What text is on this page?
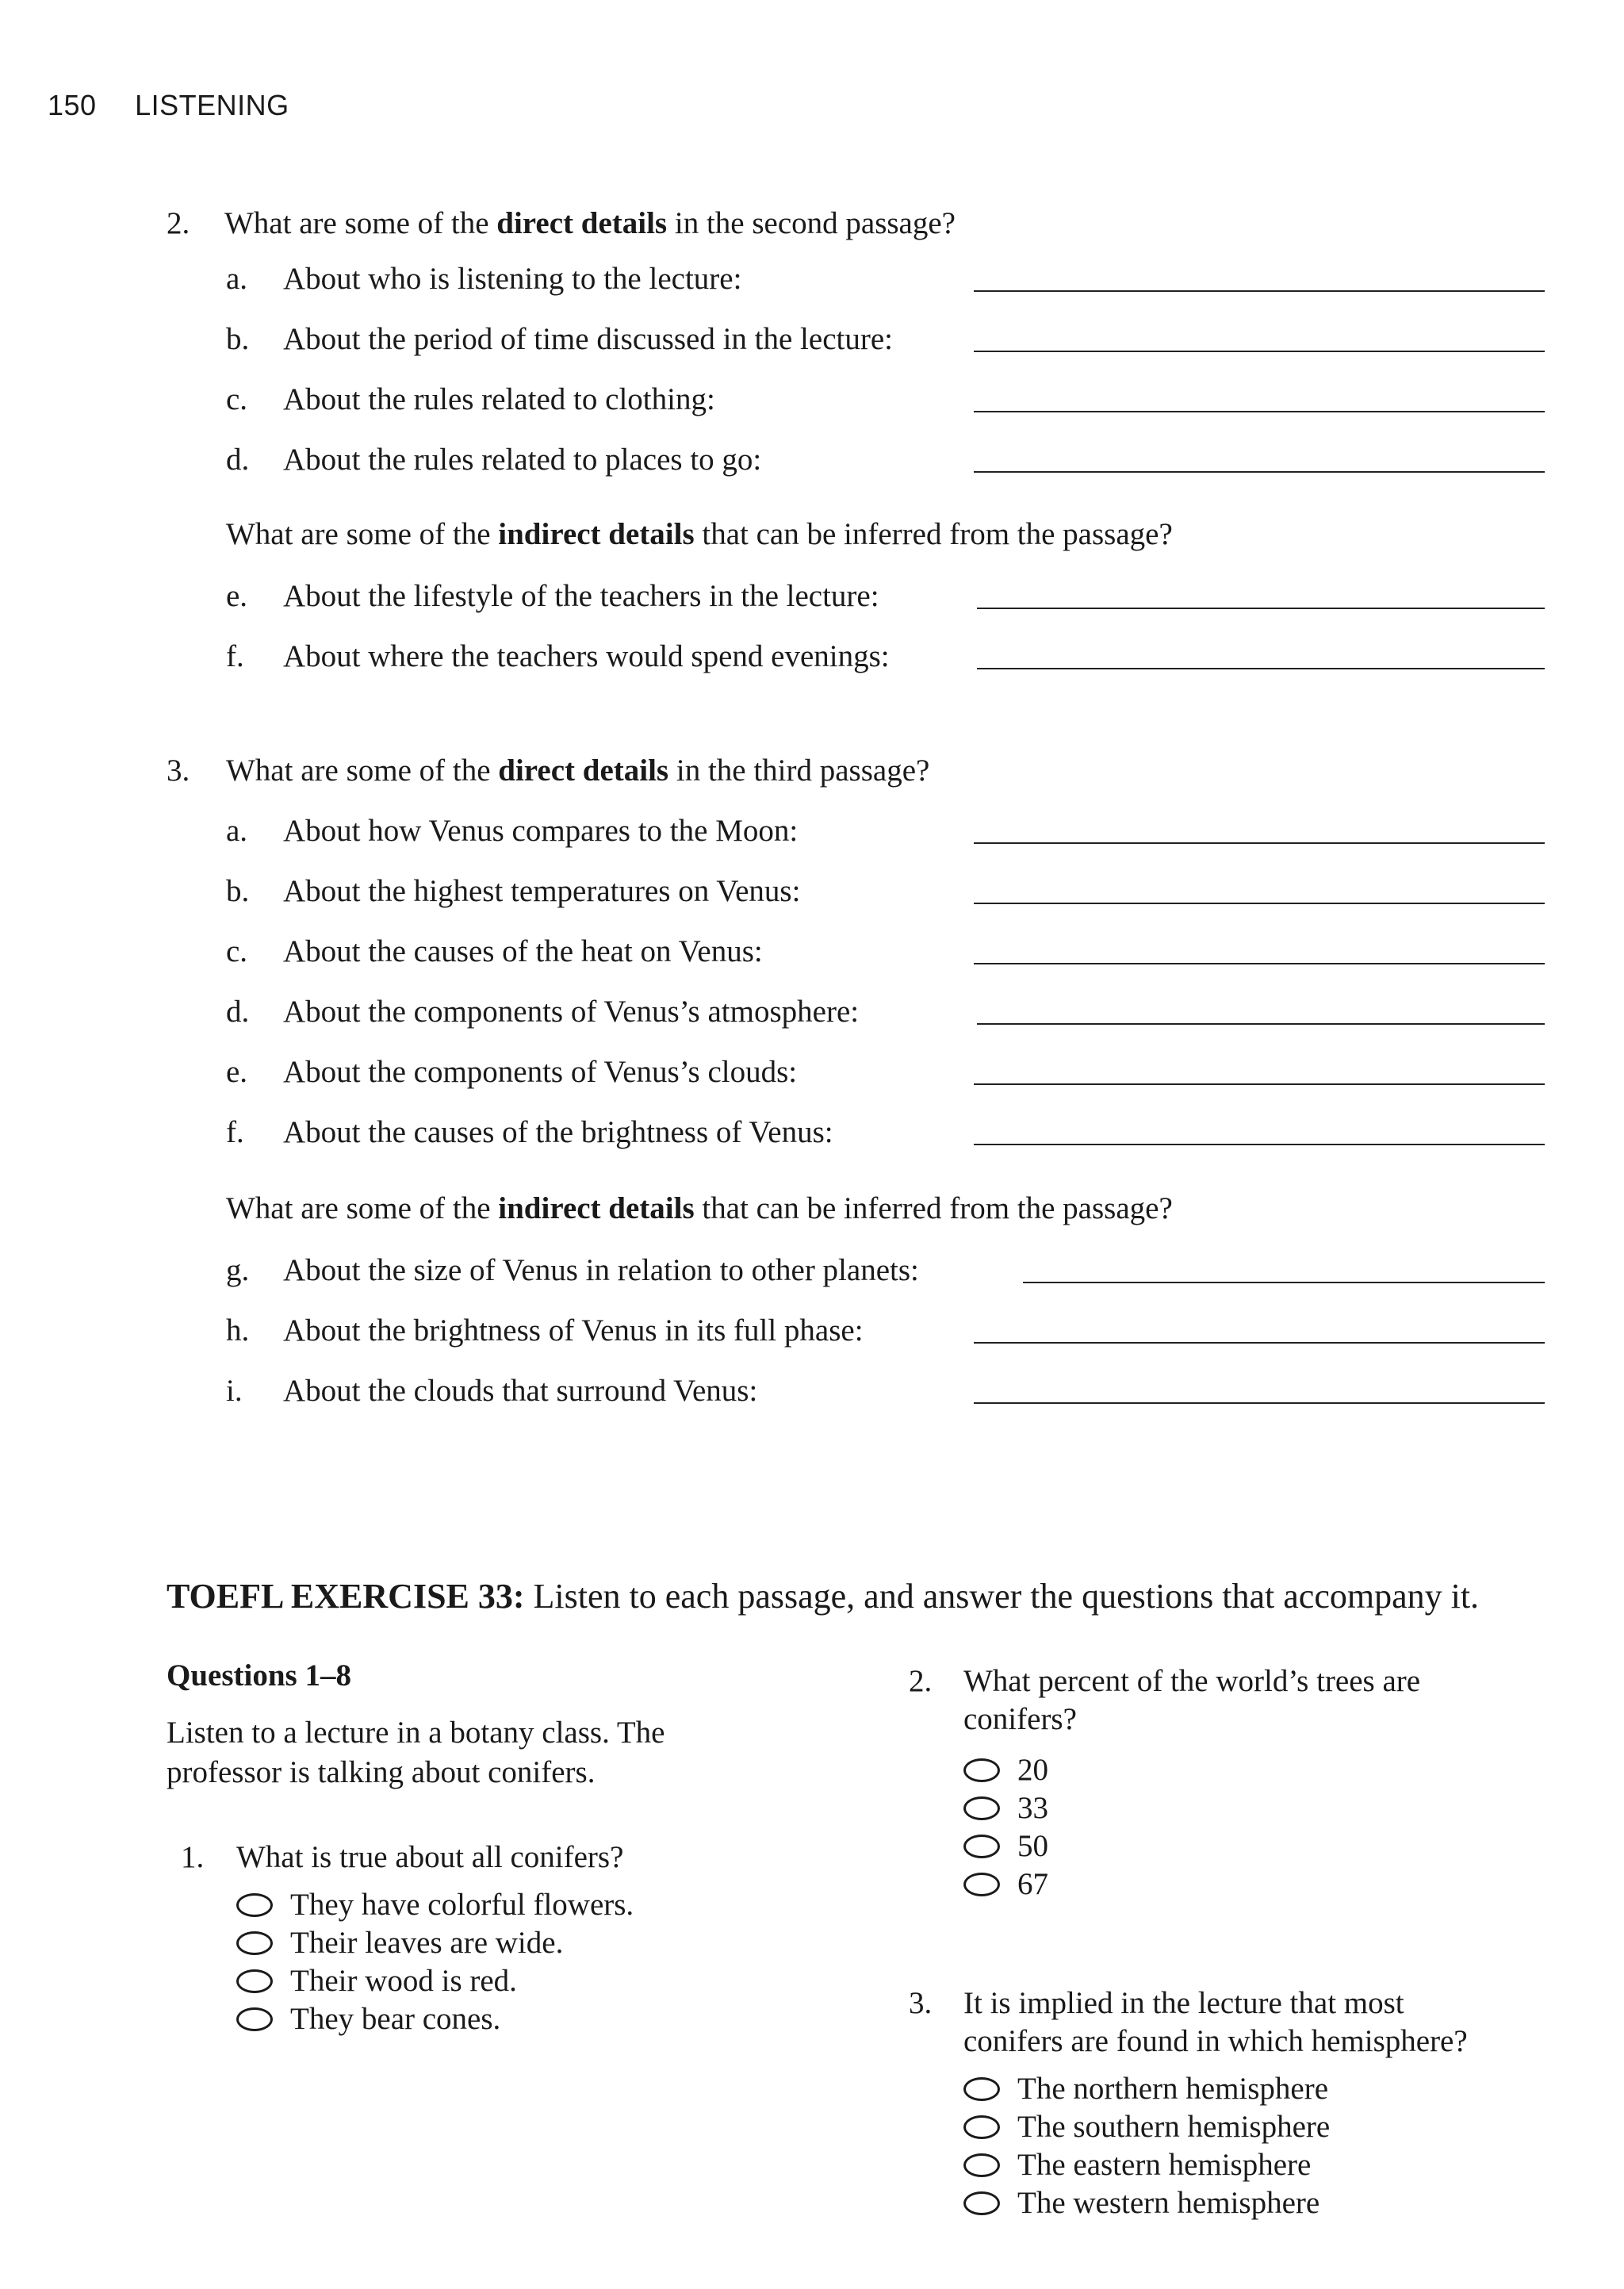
150 LISTENING
2. What are some of the direct details in the second passage?
a. About who is listening to the lecture:
b. About the period of time discussed in the lecture:
c. About the rules related to clothing:
d. About the rules related to places to go:
What are some of the indirect details that can be inferred from the passage?
e. About the lifestyle of the teachers in the lecture:
f. About where the teachers would spend evenings:
3. What are some of the direct details in the third passage?
a. About how Venus compares to the Moon:
b. About the highest temperatures on Venus:
c. About the causes of the heat on Venus:
d. About the components of Venus’s atmosphere:
e. About the components of Venus’s clouds:
f. About the causes of the brightness of Venus:
What are some of the indirect details that can be inferred from the passage?
g. About the size of Venus in relation to other planets:
h. About the brightness of Venus in its full phase:
i. About the clouds that surround Venus:
TOEFL EXERCISE 33: Listen to each passage, and answer the questions that accompany it.
Questions 1–8
Listen to a lecture in a botany class. The
professor is talking about conifers.
1. What is true about all conifers?
They have colorful flowers.
Their leaves are wide.
Their wood is red.
They bear cones.
2. What percent of the world’s trees are
conifers?
20
33
50
67
3. It is implied in the lecture that most
conifers are found in which hemisphere?
The northern hemisphere
The southern hemisphere
The eastern hemisphere
The western hemisphere
